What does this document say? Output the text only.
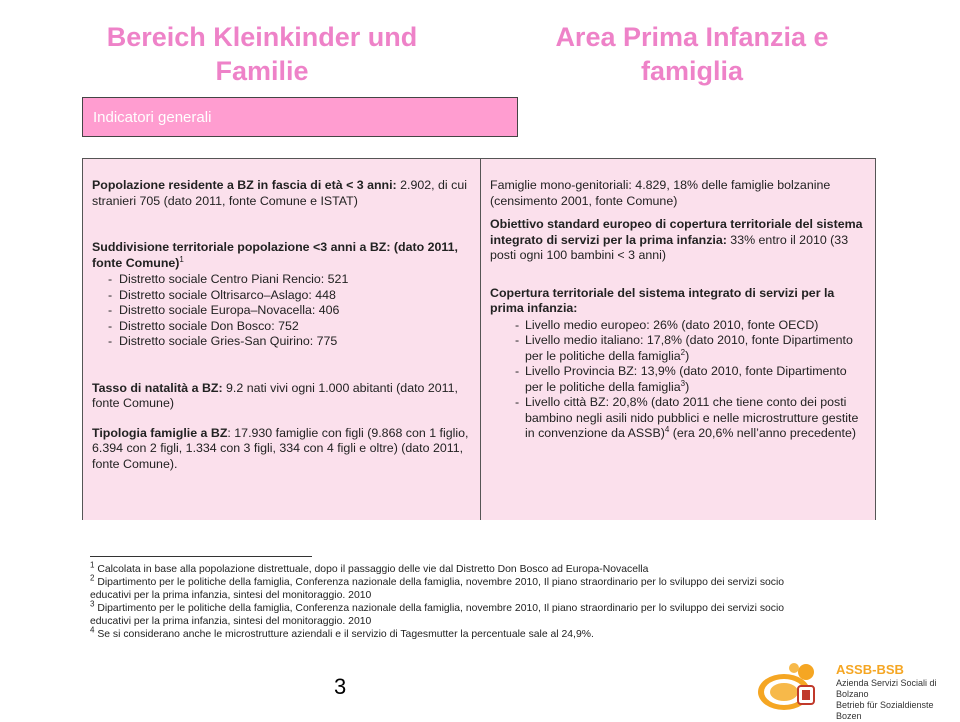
Bereich Kleinkinder und Familie
Area Prima Infanzia e famiglia
Indicatori generali

Popolazione residente a BZ in fascia di età < 3 anni: 2.902, di cui stranieri 705 (dato 2011, fonte Comune e ISTAT)

Suddivisione territoriale popolazione <3 anni a BZ: (dato 2011, fonte Comune)$^1$

- Distretto sociale Centro Piani Rencio: 521
- Distretto sociale Oltrisarco–Aslago: 448
- Distretto sociale Europa–Novacella: 406
- Distretto sociale Don Bosco: 752
- Distretto sociale Gries-San Quirino: 775

Tasso di natalità a BZ: 9.2 nati vivi ogni 1.000 abitanti (dato 2011, fonte Comune)

Tipologia famiglie a BZ: 17.930 famiglie con figli (9.868 con 1 figlio, 6.394 con 2 figli, 1.334 con 3 figli, 334 con 4 figli e oltre) (dato 2011, fonte Comune).

Famiglie mono-genitoriali: 4.829, 18% delle famiglie bolzanine (censimento 2001, fonte Comune)

Obiettivo standard europeo di copertura territoriale del sistema integrato di servizi per la prima infanzia: 33% entro il 2010 (33 posti ogni 100 bambini < 3 anni)

Copertura territoriale del sistema integrato di servizi per la prima infanzia:

- Livello medio europeo: 26% (dato 2010, fonte OECD)
- Livello medio italiano: 17,8% (dato 2010, fonte Dipartimento per le politiche della famiglia$^2$)
- Livello Provincia BZ: 13,9% (dato 2010, fonte Dipartimento per le politiche della famiglia$^3$)
- Livello città BZ: 20,8% (dato 2011 che tiene conto dei posti bambino negli asili nido pubblici e nelle microstrutture gestite in convenzione da ASSB)$^4$ (era 20,6% nell’anno precedente)

$^1$ Calcolata in base alla popolazione distrettuale, dopo il passaggio delle vie dal Distretto Don Bosco ad Europa-Novacella

$^2$ Dipartimento per le politiche della famiglia, Conferenza nazionale della famiglia, novembre 2010, Il piano straordinario per lo sviluppo dei servizi socio educativi per la prima infanzia, sintesi del monitoraggio. 2010

$^3$ Dipartimento per le politiche della famiglia, Conferenza nazionale della famiglia, novembre 2010, Il piano straordinario per lo sviluppo dei servizi socio educativi per la prima infanzia, sintesi del monitoraggio. 2010

$^4$ Se si considerano anche le microstrutture aziendali e il servizio di Tagesmutter la percentuale sale al 24,9%.

3
ASSB-BSB
Azienda Servizi Sociali di Bolzano
Betrieb für Sozialdienste Bozen
